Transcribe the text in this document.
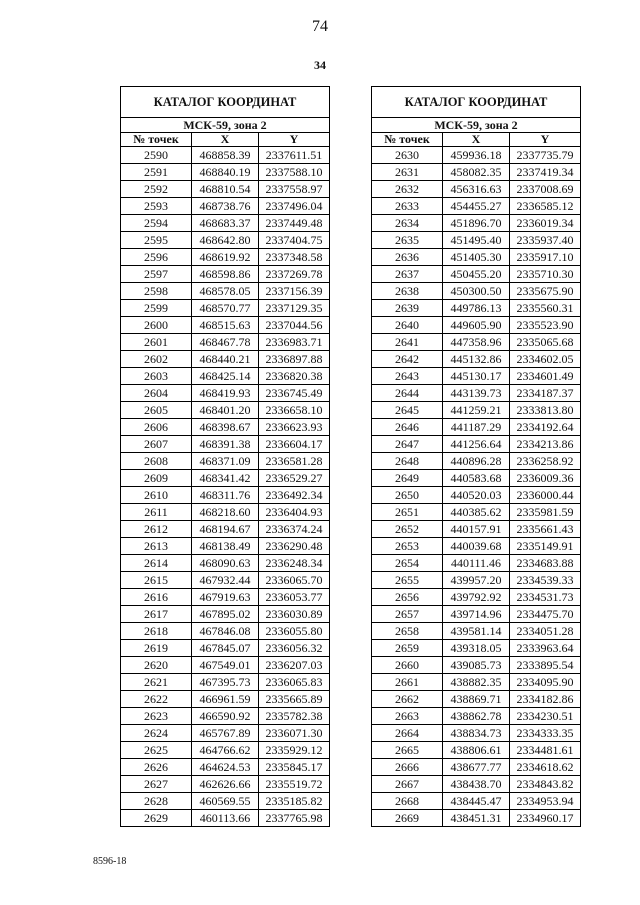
74
34
КАТАЛОГ КООРДИНАТ		
МСК-59, зона 2		
№ точек	X	Y
2590	468858.39	2337611.51
2591	468840.19	2337588.10
2592	468810.54	2337558.97
2593	468738.76	2337496.04
2594	468683.37	2337449.48
2595	468642.80	2337404.75
2596	468619.92	2337348.58
2597	468598.86	2337269.78
2598	468578.05	2337156.39
2599	468570.77	2337129.35
2600	468515.63	2337044.56
2601	468467.78	2336983.71
2602	468440.21	2336897.88
2603	468425.14	2336820.38
2604	468419.93	2336745.49
2605	468401.20	2336658.10
2606	468398.67	2336623.93
2607	468391.38	2336604.17
2608	468371.09	2336581.28
2609	468341.42	2336529.27
2610	468311.76	2336492.34
2611	468218.60	2336404.93
2612	468194.67	2336374.24
2613	468138.49	2336290.48
2614	468090.63	2336248.34
2615	467932.44	2336065.70
2616	467919.63	2336053.77
2617	467895.02	2336030.89
2618	467846.08	2336055.80
2619	467845.07	2336056.32
2620	467549.01	2336207.03
2621	467395.73	2336065.83
2622	466961.59	2335665.89
2623	466590.92	2335782.38
2624	465767.89	2336071.30
2625	464766.62	2335929.12
2626	464624.53	2335845.17
2627	462626.66	2335519.72
2628	460569.55	2335185.82
2629	460113.66	2337765.98
КАТАЛОГ КООРДИНАТ		
МСК-59, зона 2		
№ точек	X	Y
2630	459936.18	2337735.79
2631	458082.35	2337419.34
2632	456316.63	2337008.69
2633	454455.27	2336585.12
2634	451896.70	2336019.34
2635	451495.40	2335937.40
2636	451405.30	2335917.10
2637	450455.20	2335710.30
2638	450300.50	2335675.90
2639	449786.13	2335560.31
2640	449605.90	2335523.90
2641	447358.96	2335065.68
2642	445132.86	2334602.05
2643	445130.17	2334601.49
2644	443139.73	2334187.37
2645	441259.21	2333813.80
2646	441187.29	2334192.64
2647	441256.64	2334213.86
2648	440896.28	2336258.92
2649	440583.68	2336009.36
2650	440520.03	2336000.44
2651	440385.62	2335981.59
2652	440157.91	2335661.43
2653	440039.68	2335149.91
2654	440111.46	2334683.88
2655	439957.20	2334539.33
2656	439792.92	2334531.73
2657	439714.96	2334475.70
2658	439581.14	2334051.28
2659	439318.05	2333963.64
2660	439085.73	2333895.54
2661	438882.35	2334095.90
2662	438869.71	2334182.86
2663	438862.78	2334230.51
2664	438834.73	2334333.35
2665	438806.61	2334481.61
2666	438677.77	2334618.62
2667	438438.70	2334843.82
2668	438445.47	2334953.94
2669	438451.31	2334960.17
8596-18
